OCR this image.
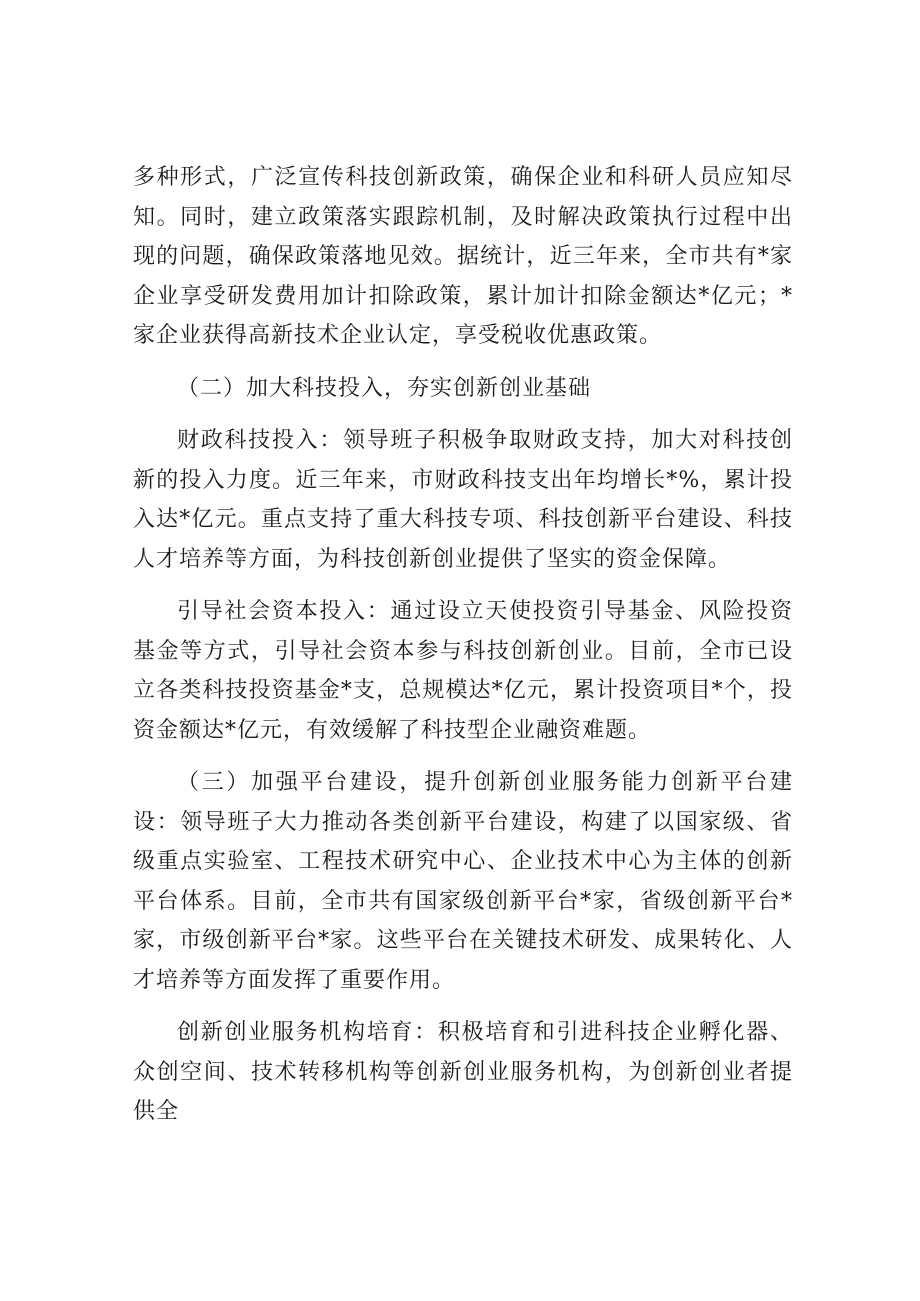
多种形式，广泛宣传科技创新政策，确保企业和科研人员应知尽知。同时，建立政策落实跟踪机制，及时解决政策执行过程中出现的问题，确保政策落地见效。据统计，近三年来，全市共有*家企业享受研发费用加计扣除政策，累计加计扣除金额达*亿元；*家企业获得高新技术企业认定，享受税收优惠政策。

（二）加大科技投入，夯实创新创业基础

财政科技投入：领导班子积极争取财政支持，加大对科技创新的投入力度。近三年来，市财政科技支出年均增长*%，累计投入达*亿元。重点支持了重大科技专项、科技创新平台建设、科技人才培养等方面，为科技创新创业提供了坚实的资金保障。

引导社会资本投入：通过设立天使投资引导基金、风险投资基金等方式，引导社会资本参与科技创新创业。目前，全市已设立各类科技投资基金*支，总规模达*亿元，累计投资项目*个，投资金额达*亿元，有效缓解了科技型企业融资难题。

（三）加强平台建设，提升创新创业服务能力创新平台建设：领导班子大力推动各类创新平台建设，构建了以国家级、省级重点实验室、工程技术研究中心、企业技术中心为主体的创新平台体系。目前，全市共有国家级创新平台*家，省级创新平台*家，市级创新平台*家。这些平台在关键技术研发、成果转化、人才培养等方面发挥了重要作用。

创新创业服务机构培育：积极培育和引进科技企业孵化器、众创空间、技术转移机构等创新创业服务机构，为创新创业者提供全
